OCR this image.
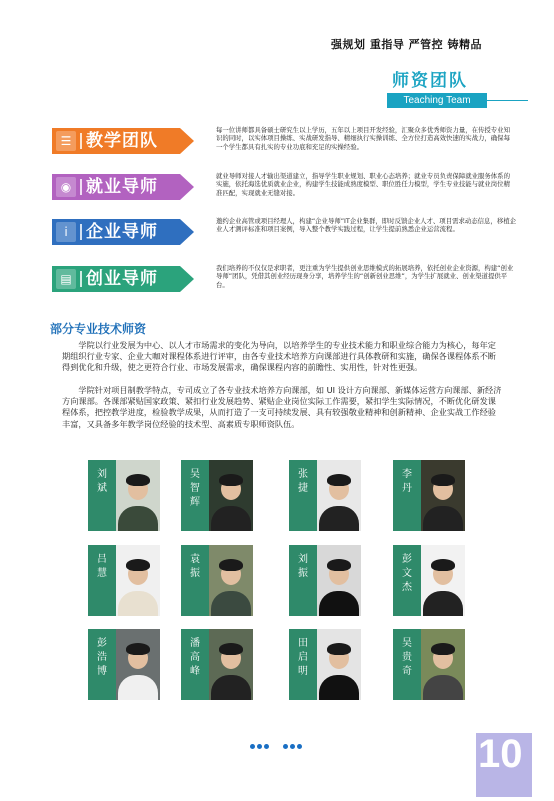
强规划 重指导 严管控 铸精品
师资团队
Teaching Team
☰ 教学团队
每一位讲师都具备硕士研究生以上学历，五年以上项目开发经验，汇聚众多优秀师资力量，在传授专业知识的同时，以实体项目操练、实战研发指导、精细执行实操训练、全方位打造高效快速的实战力，确保每一个学生都具有扎实的专业功底和充足的实操经验。
◉ 就业导师
就业导师对接人才输出渠道建立，指导学生职业规划、职业心态培养；就业专员负责保障就业服务体系的实施，依托海选优质就业企业，构建学生技能成熟度模型、职位胜任力模型，学生专业技能与就业岗位精准匹配，实现就业无缝对接。
i	企业导师
邀约企业高管或项目经理人，构建“企业导师”IT企业集群，即时反馈企业人才、项目需求动态信息，移植企业人才测评标准和项目案例，导入整个教学实践过程，让学生提前熟悉企业运营流程。
▤ 创业导师
我们培养的不仅仅是求职者，更注重为学生提供创业思维模式的拓展培养，依托创业企业资源，构建“创业导师”团队，凭借其创业经历现身分享，培养学生的“创新创业思维”，为学生扩展就业、创业渠道提供平台。
部分专业技术师资
学院以行业发展为中心、以人才市场需求的变化为导向，以培养学生的专业技术能力和职业综合能力为核心，每年定期组织行业专家、企业大咖对课程体系进行评审，由各专业技术培养方向课部进行具体教研和实施，确保各课程体系不断得到优化和升级，使之更符合行业、市场发展需求，确保课程内容的前瞻性、实用性，针对性更强。
学院针对项目制教学特点，专司成立了各专业技术培养方向课部，如 UI 设计方向课部、新媒体运营方向课部、新经济方向课部。各课部紧贴国家政策、紧扣行业发展趋势、紧贴企业岗位实际工作需要，紧扣学生实际情况，不断优化研发课程体系，把控教学进度，检验教学成果，从而打造了一支可持续发展、具有较强敬业精神和创新精神、企业实战工作经验丰富，又具备多年教学岗位经验的技术型、高素质专职师资队伍。
刘斌
吴智辉
张捷
李丹
吕慧
袁振
刘振
彭文杰
彭浩博
潘高峰
田启明
吴贵奇
10
